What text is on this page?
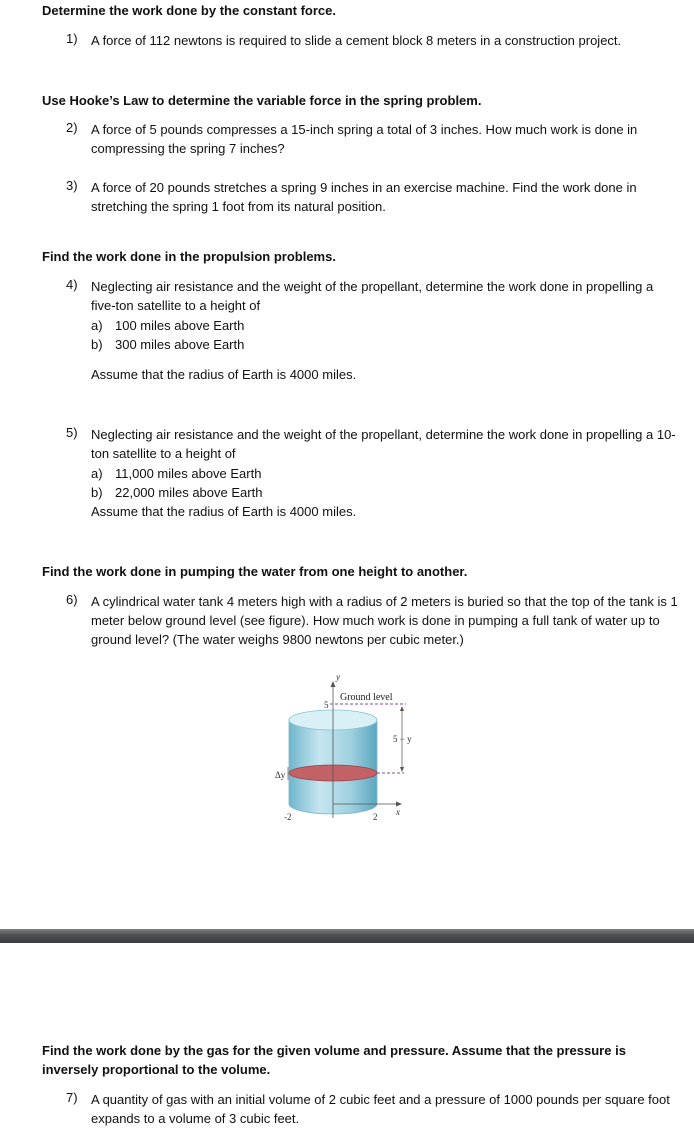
Determine the work done by the constant force.

1) A force of 112 newtons is required to slide a cement block 8 meters in a construction project.

Use Hooke’s Law to determine the variable force in the spring problem.

2) A force of 5 pounds compresses a 15-inch spring a total of 3 inches. How much work is done in compressing the spring 7 inches?
3) A force of 20 pounds stretches a spring 9 inches in an exercise machine. Find the work done in stretching the spring 1 foot from its natural position.

Find the work done in the propulsion problems.

4) Neglecting air resistance and the weight of the propellant, determine the work done in propelling a five-ton satellite to a height of
a) 100 miles above Earth
b) 300 miles above Earth
Assume that the radius of Earth is 4000 miles.
5) Neglecting air resistance and the weight of the propellant, determine the work done in propelling a 10-ton satellite to a height of
a) 11,000 miles above Earth
b) 22,000 miles above Earth
Assume that the radius of Earth is 4000 miles.

Find the work done in pumping the water from one height to another.

6) A cylindrical water tank 4 meters high with a radius of 2 meters is buried so that the top of the tank is 1 meter below ground level (see figure). How much work is done in pumping a full tank of water up to ground level? (The water weighs 9800 newtons per cubic meter.)
y
x
Ground level
5
-2	2
Δy
5 − y

Find the work done by the gas for the given volume and pressure. Assume that the pressure is inversely proportional to the volume.

7) A quantity of gas with an initial volume of 2 cubic feet and a pressure of 1000 pounds per square foot expands to a volume of 3 cubic feet.
